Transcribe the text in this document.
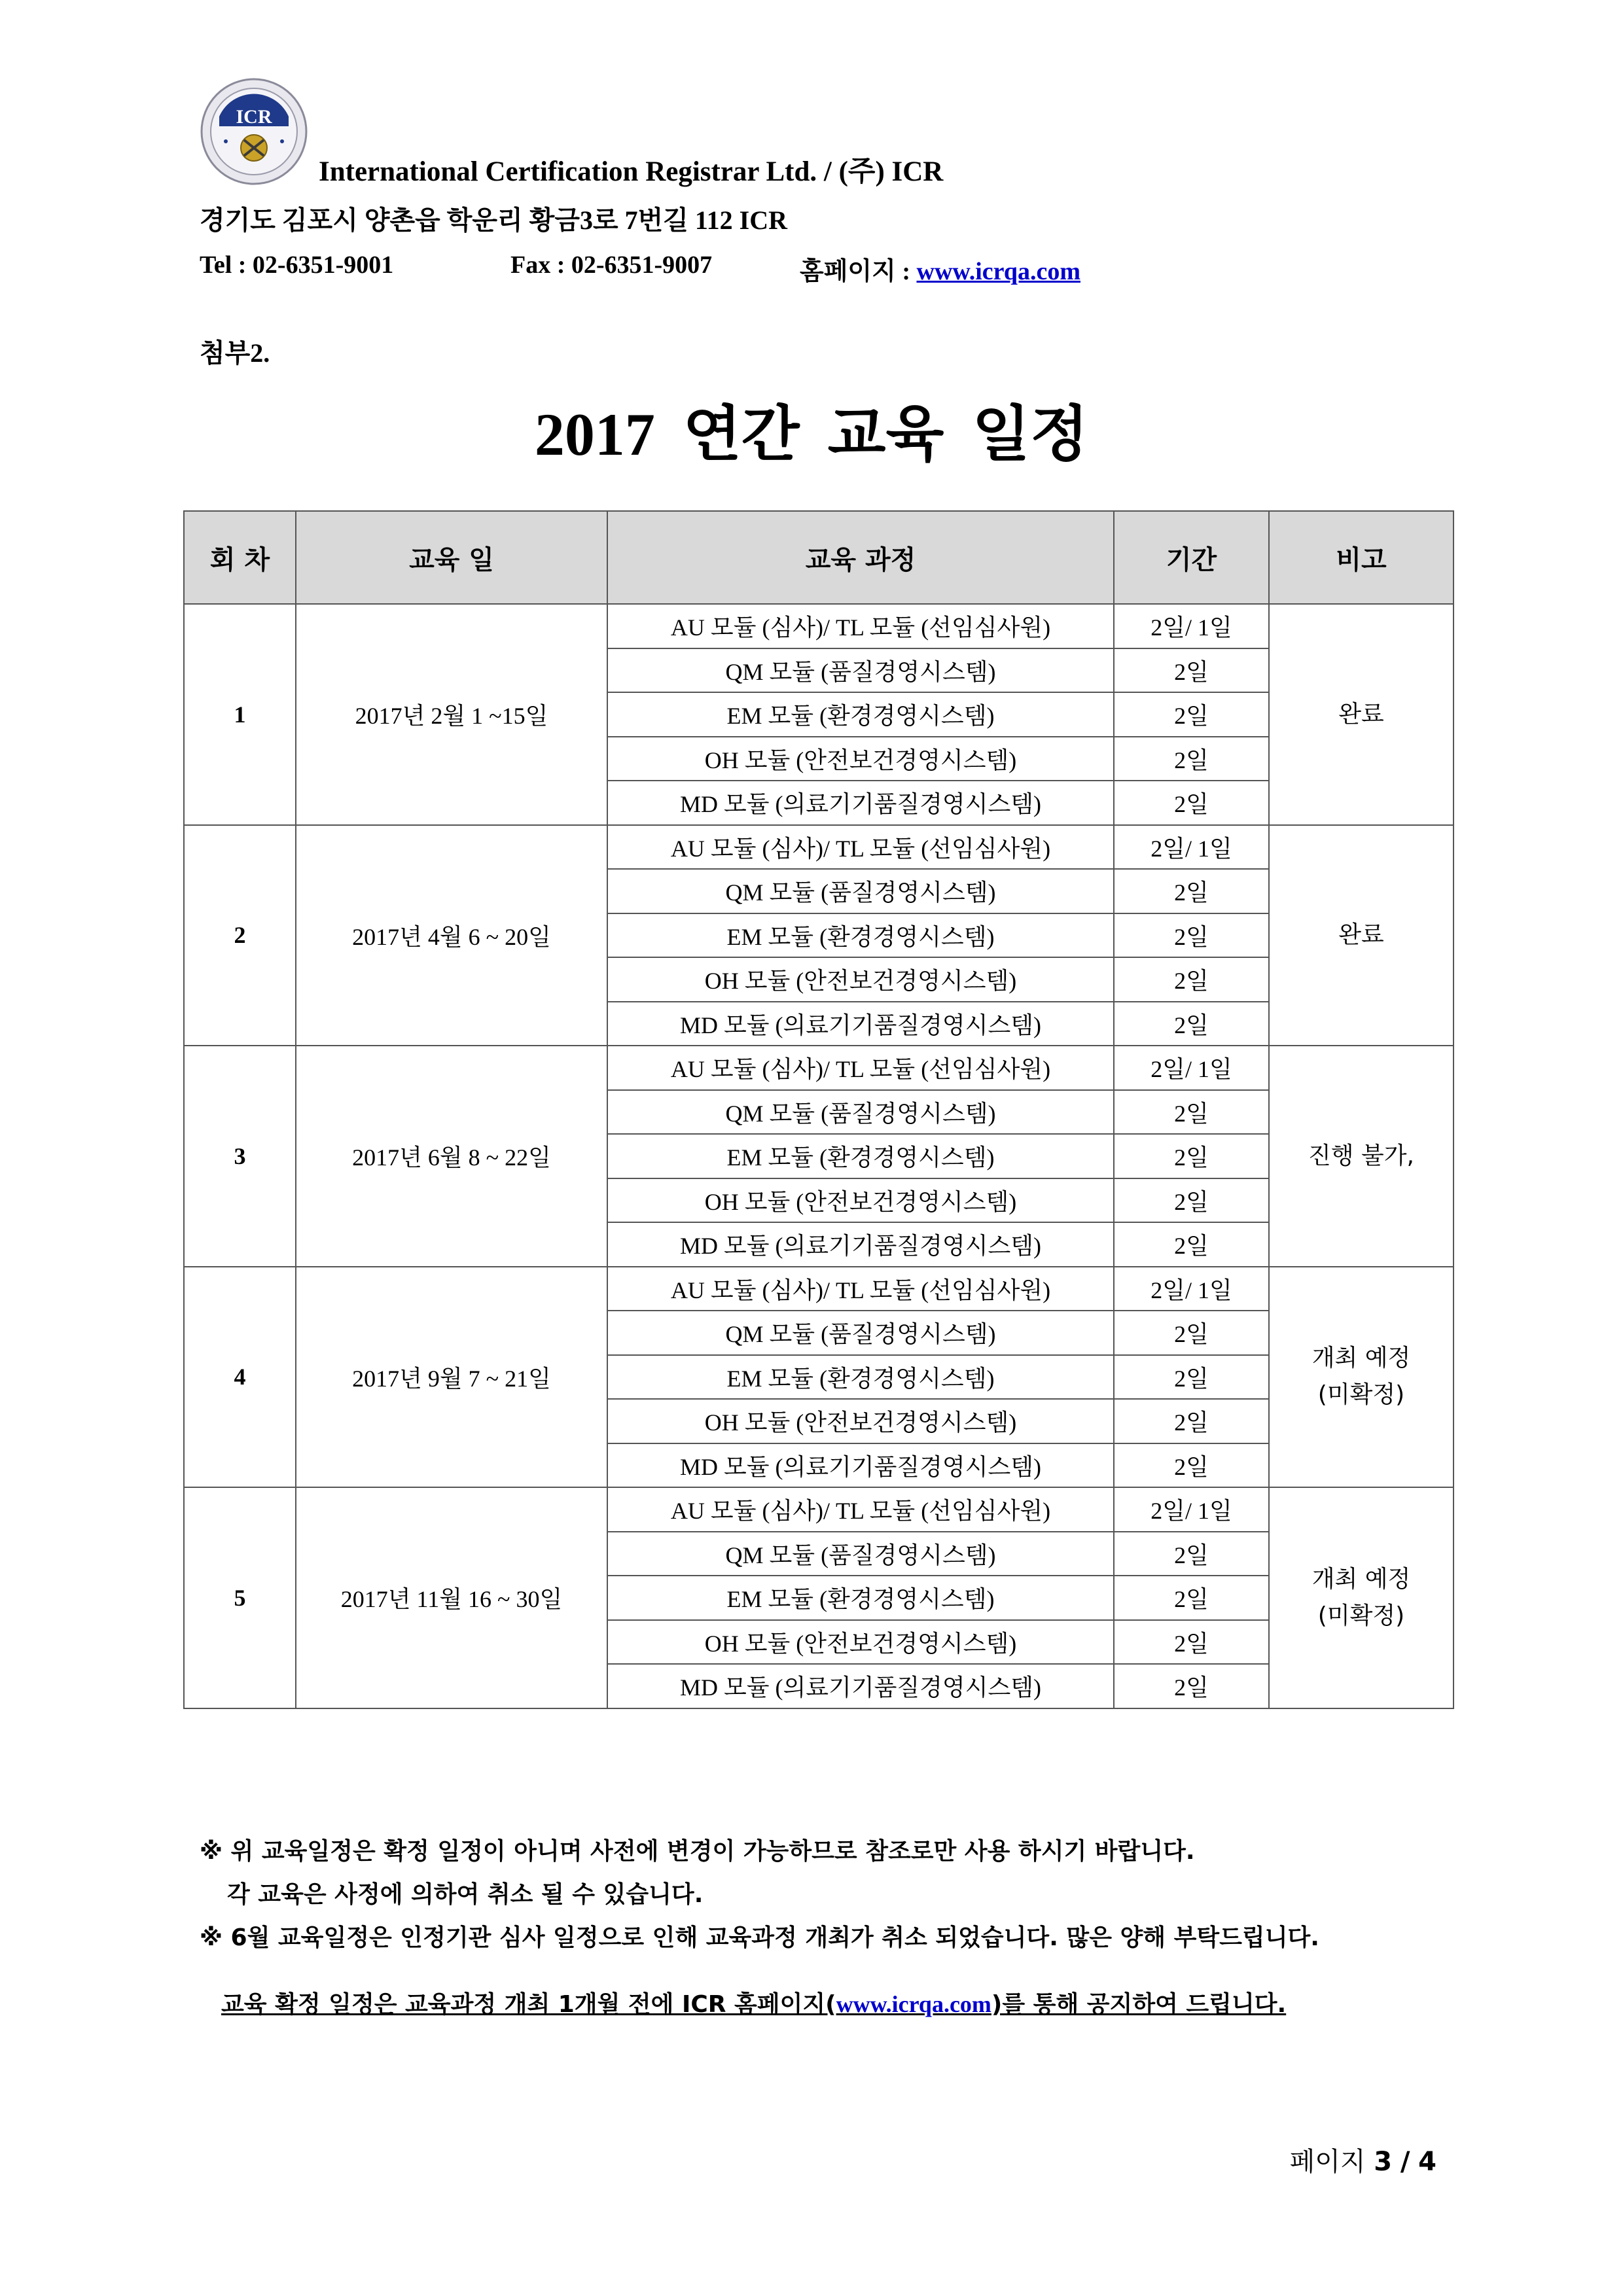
ICR
International Certification Registrar Ltd. / (주) ICR
경기도 김포시 양촌읍 학운리 황금3로 7번길 112 ICR
Tel : 02-6351-9001	Fax : 02-6351-9007	홈페이지 : www.icrqa.com
첨부2.
2017 연간 교육 일정
회 차	교육 일	교육 과정	기간	비고
1	2017년 2월 1 ~15일	AU 모듈 (심사)/ TL 모듈 (선임심사원)	2일/ 1일	완료

		QM 모듈 (품질경영시스템)	2일	
		EM 모듈 (환경경영시스템)	2일	
		OH 모듈 (안전보건경영시스템)	2일	
		MD 모듈 (의료기기품질경영시스템)	2일	
2	2017년 4월 6 ~ 20일	AU 모듈 (심사)/ TL 모듈 (선임심사원)	2일/ 1일	완료

		QM 모듈 (품질경영시스템)	2일	
		EM 모듈 (환경경영시스템)	2일	
		OH 모듈 (안전보건경영시스템)	2일	
		MD 모듈 (의료기기품질경영시스템)	2일	
3	2017년 6월 8 ~ 22일	AU 모듈 (심사)/ TL 모듈 (선임심사원)	2일/ 1일	진행 불가,

		QM 모듈 (품질경영시스템)	2일	
		EM 모듈 (환경경영시스템)	2일	
		OH 모듈 (안전보건경영시스템)	2일	
		MD 모듈 (의료기기품질경영시스템)	2일	
4	2017년 9월 7 ~ 21일	AU 모듈 (심사)/ TL 모듈 (선임심사원)	2일/ 1일	개최 예정
(미확정)

		QM 모듈 (품질경영시스템)	2일	
		EM 모듈 (환경경영시스템)	2일	
		OH 모듈 (안전보건경영시스템)	2일	
		MD 모듈 (의료기기품질경영시스템)	2일	
5	2017년 11월 16 ~ 30일	AU 모듈 (심사)/ TL 모듈 (선임심사원)	2일/ 1일	개최 예정
(미확정)

		QM 모듈 (품질경영시스템)	2일	
		EM 모듈 (환경경영시스템)	2일	
		OH 모듈 (안전보건경영시스템)	2일	
		MD 모듈 (의료기기품질경영시스템)	2일	
※ 위 교육일정은 확정 일정이 아니며 사전에 변경이 가능하므로 참조로만 사용 하시기 바랍니다.
각 교육은 사정에 의하여 취소 될 수 있습니다.
※ 6월 교육일정은 인정기관 심사 일정으로 인해 교육과정 개최가 취소 되었습니다. 많은 양해 부탁드립니다.
교육 확정 일정은 교육과정 개최 1개월 전에 ICR 홈페이지(www.icrqa.com)를 통해 공지하여 드립니다.
페이지 3 / 4
